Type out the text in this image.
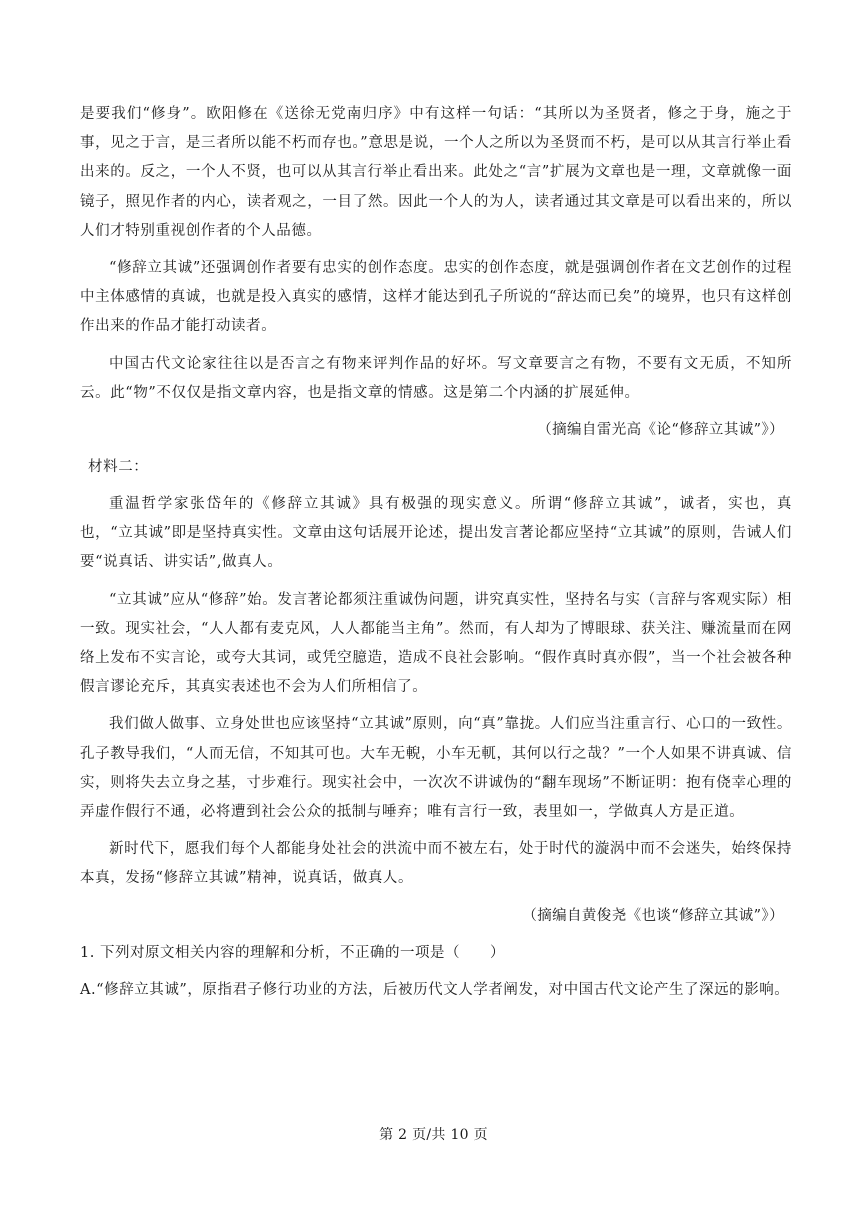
是要我们“修身”。欧阳修在《送徐无党南归序》中有这样一句话：“其所以为圣贤者，修之于身，施之于事，见之于言，是三者所以能不朽而存也。”意思是说，一个人之所以为圣贤而不朽，是可以从其言行举止看出来的。反之，一个人不贤，也可以从其言行举止看出来。此处之“言”扩展为文章也是一理，文章就像一面镜子，照见作者的内心，读者观之，一目了然。因此一个人的为人，读者通过其文章是可以看出来的，所以人们才特别重视创作者的个人品德。

“修辞立其诚”还强调创作者要有忠实的创作态度。忠实的创作态度，就是强调创作者在文艺创作的过程中主体感情的真诚，也就是投入真实的感情，这样才能达到孔子所说的“辞达而已矣”的境界，也只有这样创作出来的作品才能打动读者。

中国古代文论家往往以是否言之有物来评判作品的好坏。写文章要言之有物，不要有文无质，不知所云。此“物”不仅仅是指文章内容，也是指文章的情感。这是第二个内涵的扩展延伸。

（摘编自雷光高《论“修辞立其诚”》）
材料二：

重温哲学家张岱年的《修辞立其诚》具有极强的现实意义。所谓“修辞立其诚”，诚者，实也，真也，“立其诚”即是坚持真实性。文章由这句话展开论述，提出发言著论都应坚持“立其诚”的原则，告诫人们要“说真话、讲实话”,做真人。

“立其诚”应从“修辞”始。发言著论都须注重诚伪问题，讲究真实性，坚持名与实（言辞与客观实际）相一致。现实社会，“人人都有麦克风，人人都能当主角”。然而，有人却为了博眼球、获关注、赚流量而在网络上发布不实言论，或夸大其词，或凭空臆造，造成不良社会影响。“假作真时真亦假”，当一个社会被各种假言谬论充斥，其真实表述也不会为人们所相信了。

我们做人做事、立身处世也应该坚持“立其诚”原则，向“真”靠拢。人们应当注重言行、心口的一致性。孔子教导我们，“人而无信，不知其可也。大车无輗，小车无軏，其何以行之哉？”一个人如果不讲真诚、信实，则将失去立身之基，寸步难行。现实社会中，一次次不讲诚伪的“翻车现场”不断证明：抱有侥幸心理的弄虚作假行不通，必将遭到社会公众的抵制与唾弃；唯有言行一致，表里如一，学做真人方是正道。

新时代下，愿我们每个人都能身处社会的洪流中而不被左右，处于时代的漩涡中而不会迷失，始终保持本真，发扬“修辞立其诚”精神，说真话，做真人。

（摘编自黄俊尧《也谈“修辞立其诚”》）
1. 下列对原文相关内容的理解和分析，不正确的一项是（　　）

A.“修辞立其诚”，原指君子修行功业的方法，后被历代文人学者阐发，对中国古代文论产生了深远的影响。

第 2 页/共 10 页
